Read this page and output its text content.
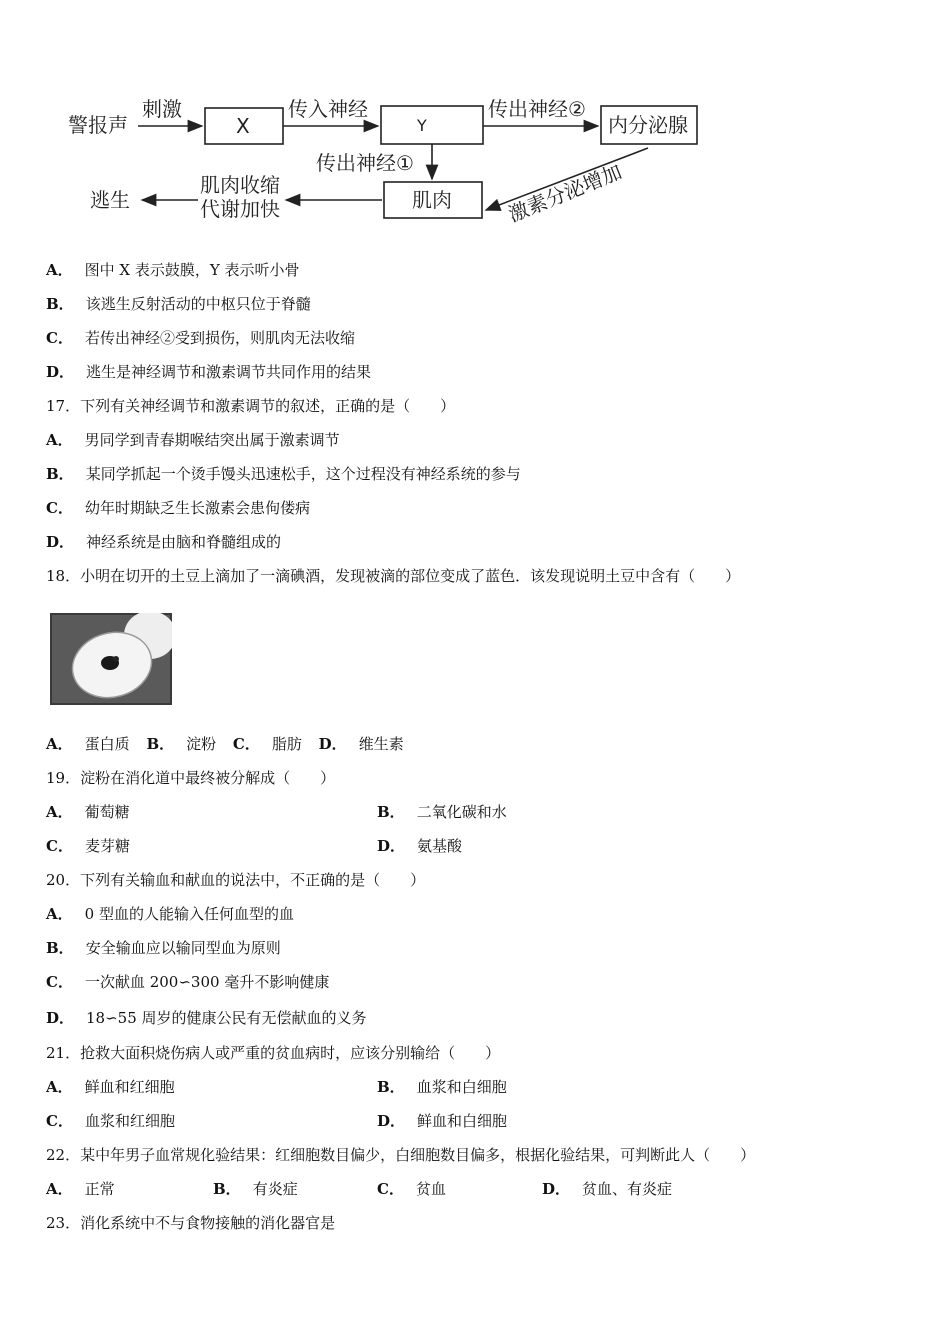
警报声
刺激
X
传入神经
Y
传出神经②
内分泌腺
传出神经①
肌肉	激素分泌增加
肌肉收缩
代谢加快
逃生
A． 图中 X 表示鼓膜，Y 表示听小骨
B． 该逃生反射活动的中枢只位于脊髓
C． 若传出神经②受到损伤，则肌肉无法收缩
D． 逃生是神经调节和激素调节共同作用的结果
17．下列有关神经调节和激素调节的叙述，正确的是（　　）
A． 男同学到青春期喉结突出属于激素调节
B． 某同学抓起一个烫手馒头迅速松手，这个过程没有神经系统的参与
C． 幼年时期缺乏生长激素会患佝偻病
D． 神经系统是由脑和脊髓组成的
18．小明在切开的土豆上滴加了一滴碘酒，发现被滴的部位变成了蓝色．该发现说明土豆中含有（　　）
A． 蛋白质 B． 淀粉 C． 脂肪 D． 维生素
19．淀粉在消化道中最终被分解成（　　）
A． 葡萄糖	B． 二氧化碳和水
C． 麦芽糖	D． 氨基酸
20．下列有关输血和献血的说法中，不正确的是（　　）
A． 0 型血的人能输入任何血型的血
B． 安全输血应以输同型血为原则
C． 一次献血 200∽300 毫升不影响健康
D． 18∽55 周岁的健康公民有无偿献血的义务
21．抢救大面积烧伤病人或严重的贫血病时，应该分别输给（　　）
A． 鲜血和红细胞	B． 血浆和白细胞
C． 血浆和红细胞	D． 鲜血和白细胞
22．某中年男子血常规化验结果：红细胞数目偏少，白细胞数目偏多，根据化验结果，可判断此人（　　）
A． 正常	B． 有炎症	C． 贫血	D． 贫血、有炎症
23．消化系统中不与食物接触的消化器官是
